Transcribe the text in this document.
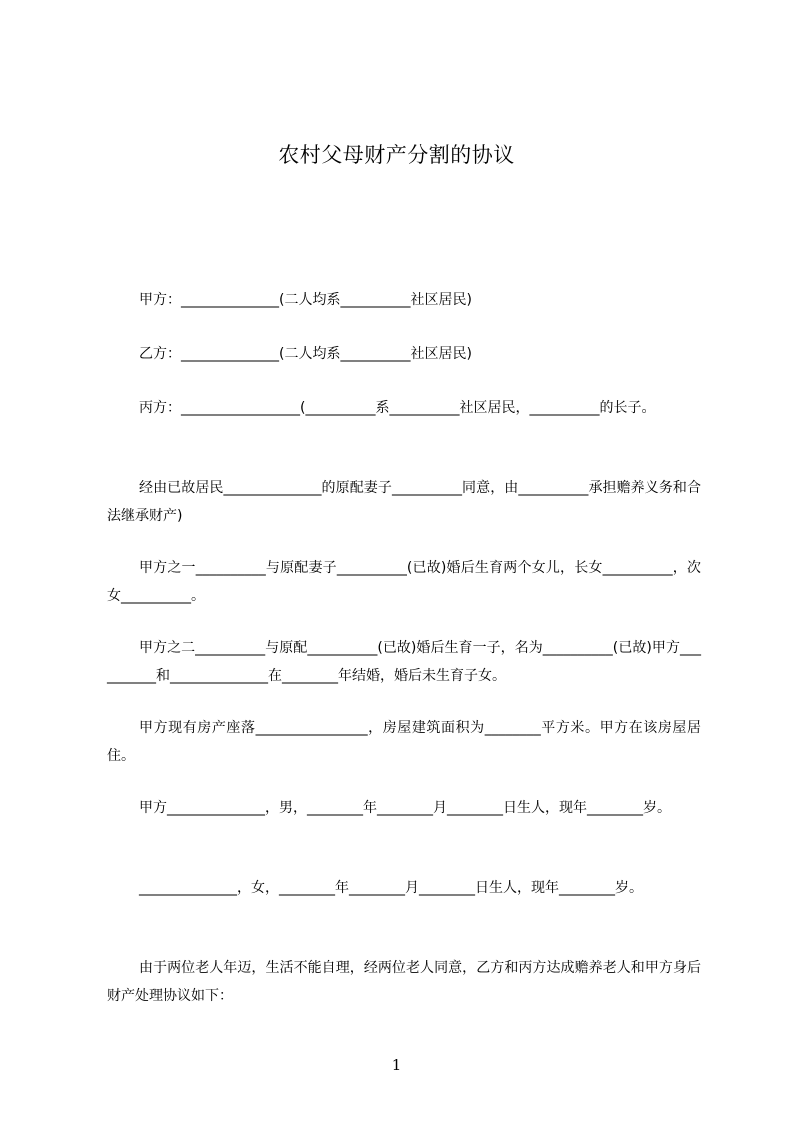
农村父母财产分割的协议

甲方：______________(二人均系__________社区居民)

乙方：______________(二人均系__________社区居民)

丙方：_________________(__________系__________社区居民，__________的长子。

经由已故居民______________的原配妻子__________同意，由__________承担赡养义务和合法继承财产)

甲方之一__________与原配妻子__________(已故)婚后生育两个女儿，长女__________，次女__________。

甲方之二__________与原配__________(已故)婚后生育一子，名为__________(已故)甲方__________和______________在________年结婚，婚后未生育子女。

甲方现有房产座落________________，房屋建筑面积为________平方米。甲方在该房屋居住。

甲方______________，男，________年________月________日生人，现年________岁。

______________，女，________年________月________日生人，现年________岁。

由于两位老人年迈，生活不能自理，经两位老人同意，乙方和丙方达成赡养老人和甲方身后财产处理协议如下：

1
